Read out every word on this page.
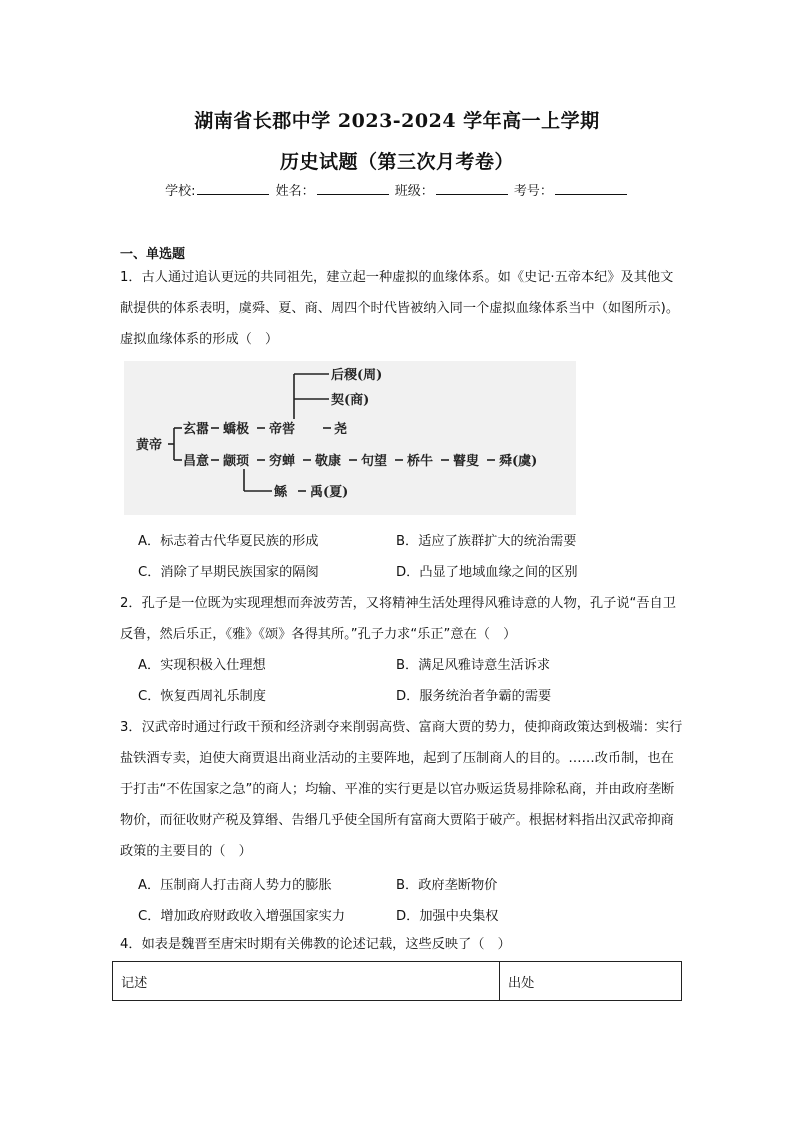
湖南省长郡中学 2023-2024 学年高一上学期
历史试题（第三次月考卷）
学校:	姓名：	班级：	考号：
一、单选题
1．古人通过追认更远的共同祖先，建立起一种虚拟的血缘体系。如《史记·五帝本纪》及其他文献提供的体系表明，虞舜、夏、商、周四个时代皆被纳入同一个虚拟血缘体系当中（如图所示)。虚拟血缘体系的形成（　）
黄帝
玄嚣 蟜极 帝喾	尧
后稷(周)
契(商)
昌意 颛顼 穷蝉 敬康 句望 桥牛 瞽叟 舜(虞)
鲧 禹(夏)
A．标志着古代华夏民族的形成	B．适应了族群扩大的统治需要
C．消除了早期民族国家的隔阂	D．凸显了地域血缘之间的区别
2．孔子是一位既为实现理想而奔波劳苦，又将精神生活处理得风雅诗意的人物，孔子说“吾自卫反鲁，然后乐正，《雅》《颂》各得其所。”孔子力求“乐正”意在（　）
A．实现积极入仕理想	B．满足风雅诗意生活诉求
C．恢复西周礼乐制度	D．服务统治者争霸的需要
3．汉武帝时通过行政干预和经济剥夺来削弱高赀、富商大贾的势力，使抑商政策达到极端：实行盐铁酒专卖，迫使大商贾退出商业活动的主要阵地，起到了压制商人的目的。……改币制，也在于打击“不佐国家之急”的商人；均输、平准的实行更是以官办贩运货易排除私商，并由政府垄断物价，而征收财产税及算缗、告缗几乎使全国所有富商大贾陷于破产。根据材料指出汉武帝抑商政策的主要目的（　）
A．压制商人打击商人势力的膨胀	B．政府垄断物价
C．增加政府财政收入增强国家实力	D．加强中央集权
4．如表是魏晋至唐宋时期有关佛教的论述记载，这些反映了（　）
记述	出处
